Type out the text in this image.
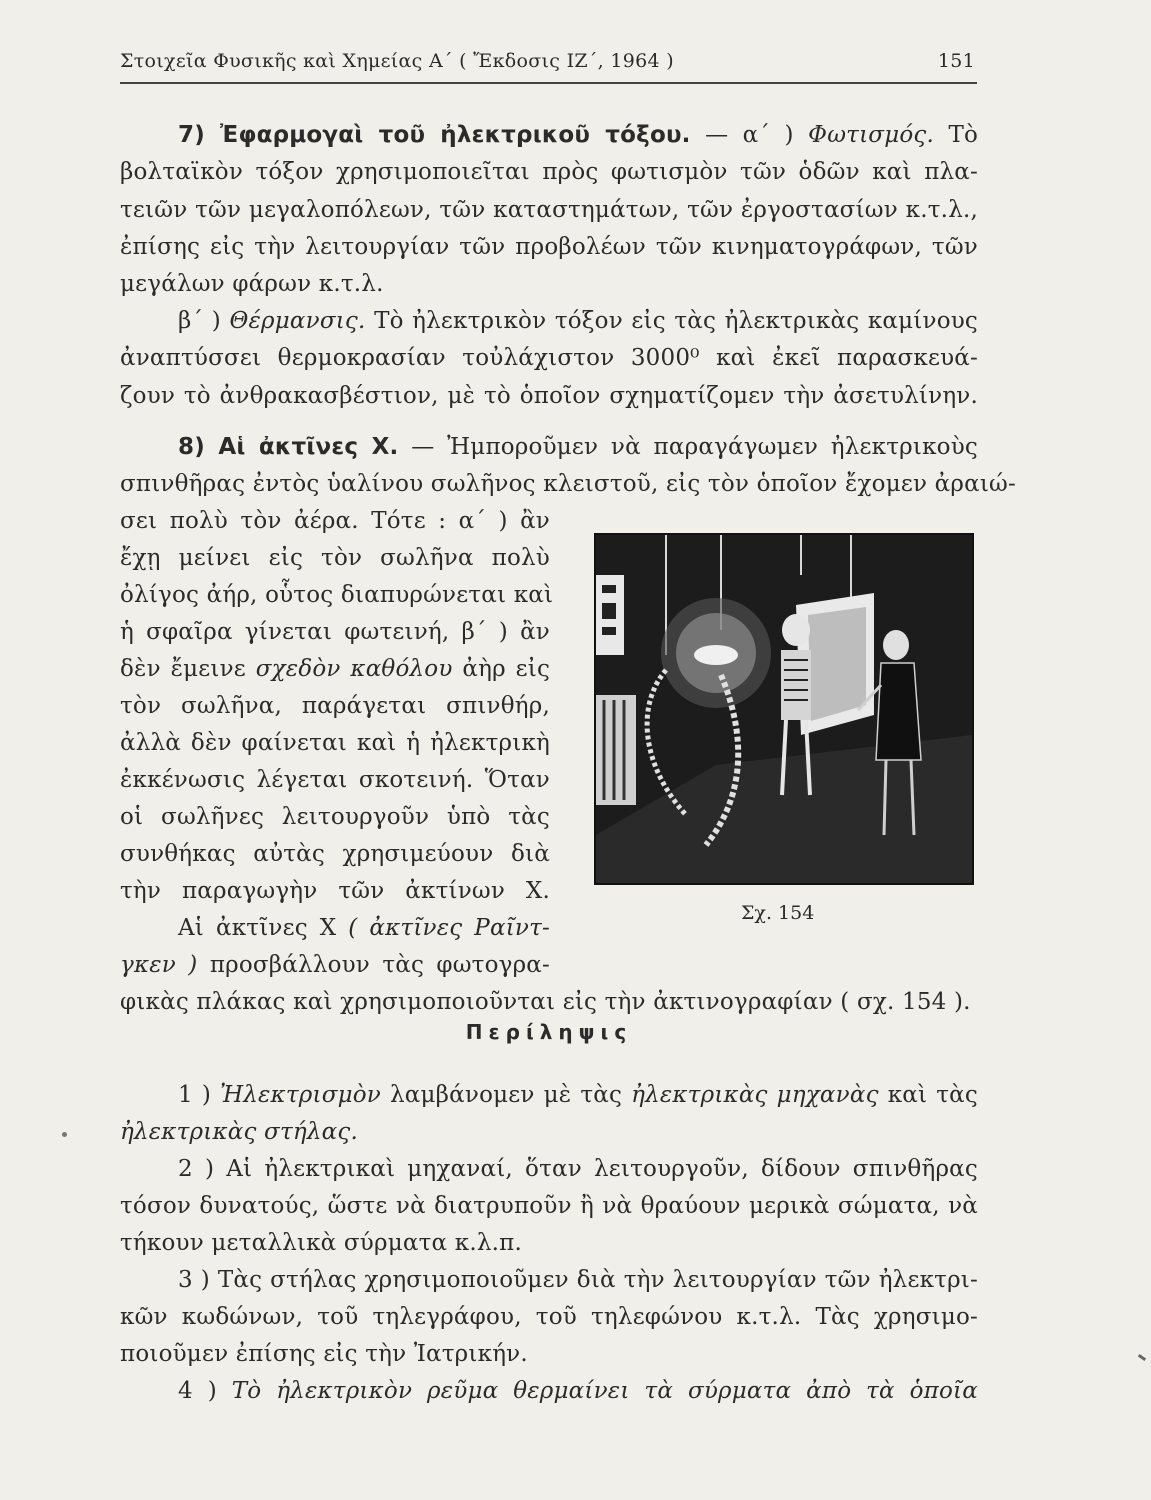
Στοιχεῖα Φυσικῆς καὶ Χημείας Α΄ ( Ἔκδοσις ΙΖ΄, 1964 )	151
7) Ἐφαρμογαὶ τοῦ ἠλεκτρικοῦ τόξου. — α΄ ) Φωτισμός. Τὸ
βολταϊκὸν τόξον χρησιμοποιεῖται πρὸς φωτισμὸν τῶν ὁδῶν καὶ πλα-
τειῶν τῶν μεγαλοπόλεων, τῶν καταστημάτων, τῶν ἐργοστασίων κ.τ.λ.,
ἐπίσης εἰς τὴν λειτουργίαν τῶν προβολέων τῶν κινηματογράφων, τῶν
μεγάλων φάρων κ.τ.λ.
β΄ ) Θέρμανσις. Τὸ ἠλεκτρικὸν τόξον εἰς τὰς ἠλεκτρικὰς καμίνους
ἀναπτύσσει θερμοκρασίαν τοὐλάχιστον 3000⁰ καὶ ἐκεῖ παρασκευά-
ζουν τὸ ἀνθρακασβέστιον, μὲ τὸ ὁποῖον σχηματίζομεν τὴν ἀσετυλίνην.
8) Αἱ ἀκτῖνες Χ. — Ἠμποροῦμεν νὰ παραγάγωμεν ἠλεκτρικοὺς
σπινθῆρας ἐντὸς ὑαλίνου σωλῆνος κλειστοῦ, εἰς τὸν ὁποῖον ἔχομεν ἀραιώ-
σει πολὺ τὸν ἀέρα. Τότε : α΄ ) ἂν
ἔχῃ μείνει εἰς τὸν σωλῆνα πολὺ
ὀλίγος ἀήρ, οὗτος διαπυρώνεται καὶ
ἡ σφαῖρα γίνεται φωτεινή, β΄ ) ἂν
δὲν ἔμεινε σχεδὸν καθόλου ἀὴρ εἰς
τὸν σωλῆνα, παράγεται σπινθήρ,
ἀλλὰ δὲν φαίνεται καὶ ἡ ἠλεκτρικὴ
ἐκκένωσις λέγεται σκοτεινή. Ὅταν
οἱ σωλῆνες λειτουργοῦν ὑπὸ τὰς
συνθήκας αὐτὰς χρησιμεύουν διὰ
τὴν παραγωγὴν τῶν ἀκτίνων Χ.
Αἱ ἀκτῖνες Χ ( ἀκτῖνες Ραῖντ-
γκεν ) προσβάλλουν τὰς φωτογρα-
φικὰς πλάκας καὶ χρησιμοποιοῦνται εἰς τὴν ἀκτινογραφίαν ( σχ. 154 ).
Σχ. 154
Περίληψις
1 ) Ἠλεκτρισμὸν λαμβάνομεν μὲ τὰς ἠλεκτρικὰς μηχανὰς καὶ τὰς
ἠλεκτρικὰς στήλας.
2 ) Αἱ ἠλεκτρικαὶ μηχαναί, ὅταν λειτουργοῦν, δίδουν σπινθῆρας
τόσον δυνατούς, ὥστε νὰ διατρυποῦν ἢ νὰ θραύουν μερικὰ σώματα, νὰ
τήκουν μεταλλικὰ σύρματα κ.λ.π.
3 ) Τὰς στήλας χρησιμοποιοῦμεν διὰ τὴν λειτουργίαν τῶν ἠλεκτρι-
κῶν κωδώνων, τοῦ τηλεγράφου, τοῦ τηλεφώνου κ.τ.λ. Τὰς χρησιμο-
ποιοῦμεν ἐπίσης εἰς τὴν Ἰατρικήν.
4 ) Τὸ ἠλεκτρικὸν ρεῦμα θερμαίνει τὰ σύρματα ἀπὸ τὰ ὁποῖα
